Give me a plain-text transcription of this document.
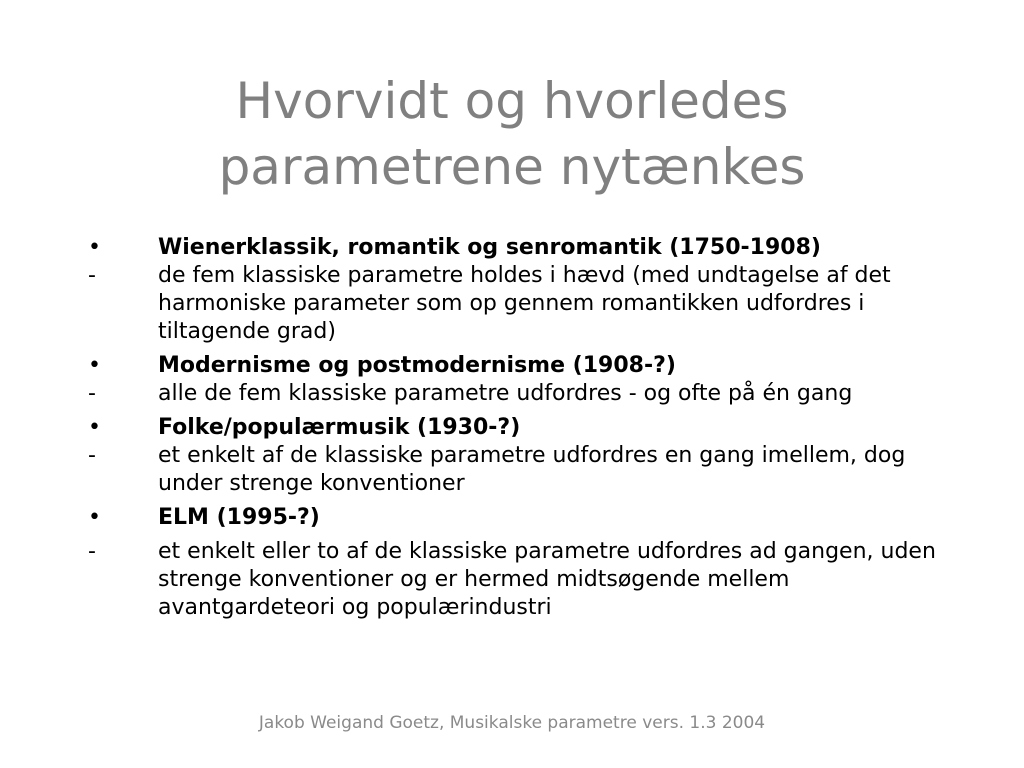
Hvorvidt og hvorledes
parametrene nytænkes
•	Wienerklassik, romantik og senromantik (1750-1908)
-	de fem klassiske parametre holdes i hævd (med undtagelse af det harmoniske parameter som op gennem romantikken udfordres i tiltagende grad)
•	Modernisme og postmodernisme (1908-?)
-	alle de fem klassiske parametre udfordres - og ofte på én gang
•	Folke/populærmusik (1930-?)
-	et enkelt af de klassiske parametre udfordres en gang imellem, dog under strenge konventioner
•	ELM (1995-?)
-	et enkelt eller to af de klassiske parametre udfordres ad gangen, uden strenge konventioner og er hermed midtsøgende mellem avantgardeteori og populærindustri
Jakob Weigand Goetz, Musikalske parametre vers. 1.3 2004
